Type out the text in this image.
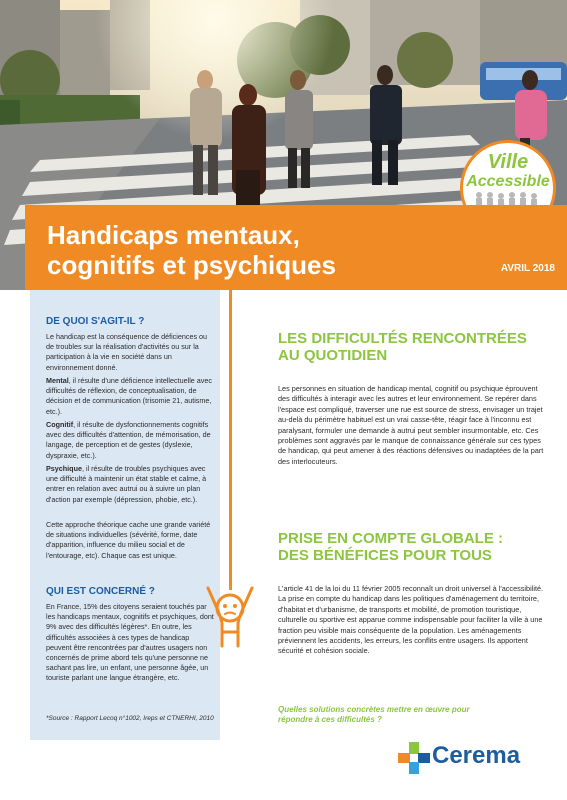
Ville
Accessible
Handicaps mentaux,
cognitifs et psychiques	AVRIL 2018
DE QUOI S'AGIT-IL ?

Le handicap est la conséquence de déficiences ou de troubles sur la réalisation d'activités ou sur la participation à la vie en société dans un environnement donné.

Mental, il résulte d'une déficience intellectuelle avec difficultés de réflexion, de conceptualisation, de décision et de communication (trisomie 21, autisme, etc.).

Cognitif, il résulte de dysfonctionnements cognitifs avec des difficultés d'attention, de mémorisation, de langage, de perception et de gestes (dyslexie, dyspraxie, etc.).

Psychique, il résulte de troubles psychiques avec une difficulté à maintenir un état stable et calme, à entrer en relation avec autrui ou à suivre un plan d'action par exemple (dépression, phobie, etc.).

Cette approche théorique cache une grande variété de situations individuelles (sévérité, forme, date d'apparition, influence du milieu social et de l'entourage, etc). Chaque cas est unique.

QUI EST CONCERNÉ ?

En France, 15% des citoyens seraient touchés par les handicaps mentaux, cognitifs et psychiques, dont 9% avec des difficultés légères*. En outre, les difficultés associées à ces types de handicap peuvent être rencontrées par d'autres usagers non concernés de prime abord tels qu'une personne ne sachant pas lire, un enfant, une personne âgée, un touriste parlant une langue étrangère, etc.

*Source : Rapport Lecoq n°1002, Ireps et CTNERHI, 2010
LES DIFFICULTÉS RENCONTRÉES AU QUOTIDIEN

Les personnes en situation de handicap mental, cognitif ou psychique éprouvent des difficultés à interagir avec les autres et leur environnement. Se repérer dans l'espace est compliqué, traverser une rue est source de stress, envisager un trajet au-delà du périmètre habituel est un vrai casse-tête, réagir face à l'inconnu est paralysant, formuler une demande à autrui peut sembler insurmontable, etc. Ces problèmes sont aggravés par le manque de connaissance générale sur ces types de handicap, qui peut amener à des réactions défensives ou inadaptées de la part des interlocuteurs.

PRISE EN COMPTE GLOBALE : DES BÉNÉFICES POUR TOUS

L'article 41 de la loi du 11 février 2005 reconnaît un droit universel à l'accessibilité. La prise en compte du handicap dans les politiques d'aménagement du territoire, d'habitat et d'urbanisme, de transports et mobilité, de promotion touristique, culturelle ou sportive est apparue comme indispensable pour faciliter la ville à une fraction peu visible mais conséquente de la population. Les aménagements préviennent les accidents, les erreurs, les conflits entre usagers. Ils apportent sécurité et cohésion sociale.

Quelles solutions concrètes mettre en œuvre pour répondre à ces difficultés ?
Cerema
